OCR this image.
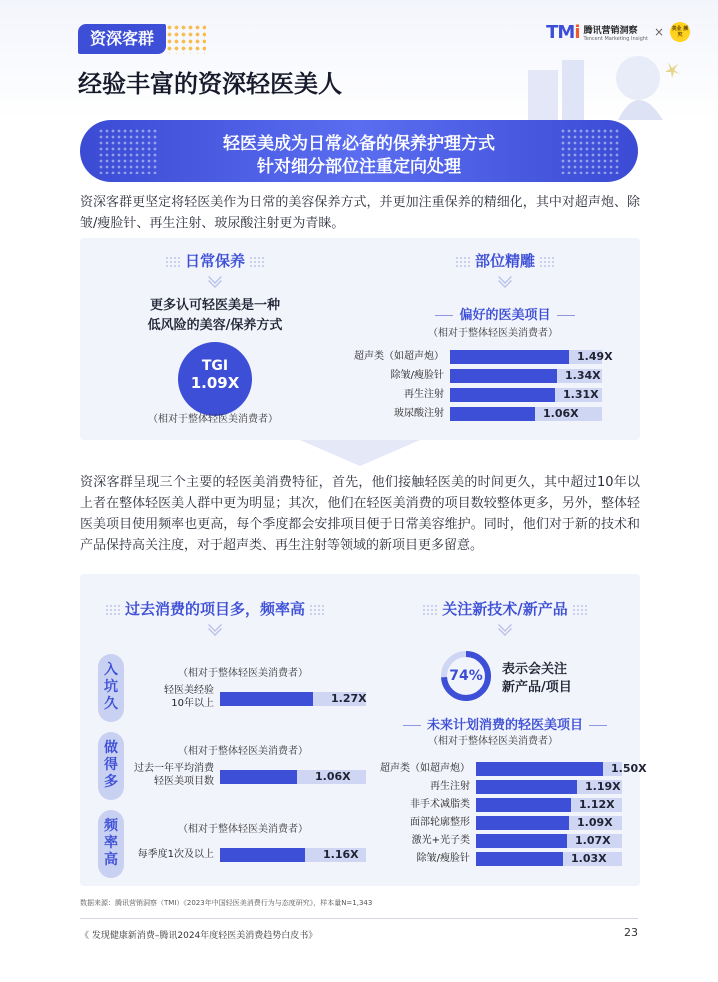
资深客群	TMi 腾讯营销洞察
Tencent Marketing Insight ×	美业 颜究
经验丰富的资深轻医美人
轻医美成为日常必备的保养护理方式
针对细分部位注重定向处理
资深客群更坚定将轻医美作为日常的美容保养方式，并更加注重保养的精细化，其中对超声炮、除皱/瘦脸针、再生注射、玻尿酸注射更为青睐。
日常保养	部位精雕
更多认可轻医美是一种
低风险的美容/保养方式
TGI
1.09X
（相对于整体轻医美消费者）
偏好的医美项目
（相对于整体轻医美消费者）
超声类（如超声炮）	1.49X
除皱/瘦脸针	1.34X
再生注射	1.31X
玻尿酸注射	1.06X
资深客群呈现三个主要的轻医美消费特征，首先，他们接触轻医美的时间更久，其中超过10年以上者在整体轻医美人群中更为明显；其次，他们在轻医美消费的项目数较整体更多，另外，整体轻医美项目使用频率也更高，每个季度都会安排项目便于日常美容维护。同时，他们对于新的技术和产品保持高关注度，对于超声类、再生注射等领域的新项目更多留意。
过去消费的项目多，频率高	关注新技术/新产品
74%	表示会关注
新产品/项目
未来计划消费的轻医美项目
（相对于整体轻医美消费者）
超声类（如超声炮）	1.50X
再生注射	1.19X
非手术减脂类	1.12X
面部轮廓整形	1.09X
激光+光子类	1.07X
除皱/瘦脸针	1.03X
入坑久
（相对于整体轻医美消费者）
轻医美经验
10年以上	1.27X
做得多
（相对于整体轻医美消费者）
过去一年平均消费
轻医美项目数	1.06X
频率高
（相对于整体轻医美消费者）
每季度1次及以上	1.16X
数据来源：腾讯营销洞察（TMI）《2023年中国轻医美消费行为与态度研究》，样本量N=1,343
《 发现健康新消费–腾讯2024年度轻医美消费趋势白皮书》	23
